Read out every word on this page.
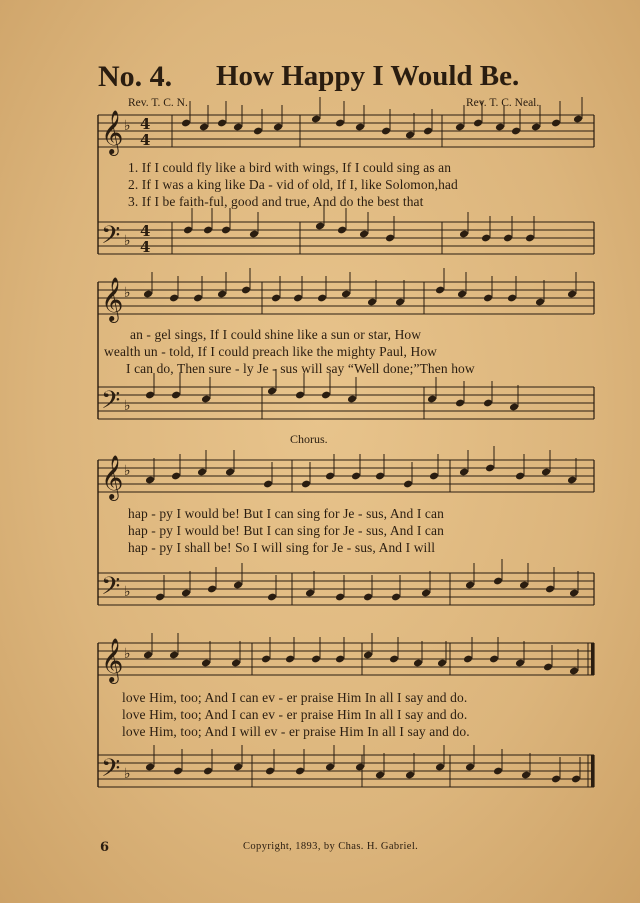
No. 4. How Happy I Would Be.
Rev. T. C. N.	Rev. T. C. Neal.
𝄞 ♭
𝄢 ♭
𝄞 ♭
𝄢 ♭
𝄞 ♭
𝄢 ♭
𝄞 ♭
𝄢 ♭
4
4
4
4
1. If I could fly like a bird with wings, If I could sing as an
2. If I was a king like Da - vid of old, If I, like Solomon,had
3. If I be faith-ful, good and true, And do the best that
an - gel sings, If I could shine like a sun or star, How
wealth un - told, If I could preach like the mighty Paul, How
I can do, Then sure - ly Je - sus will say “Well done;”Then how
Chorus.
hap - py I would be! But I can sing for Je - sus, And I can
hap - py I would be! But I can sing for Je - sus, And I can
hap - py I shall be! So I will sing for Je - sus, And I will
love Him, too; And I can ev - er praise Him In all I say and do.
love Him, too; And I can ev - er praise Him In all I say and do.
love Him, too; And I will ev - er praise Him In all I say and do.
6	Copyright, 1893, by Chas. H. Gabriel.
